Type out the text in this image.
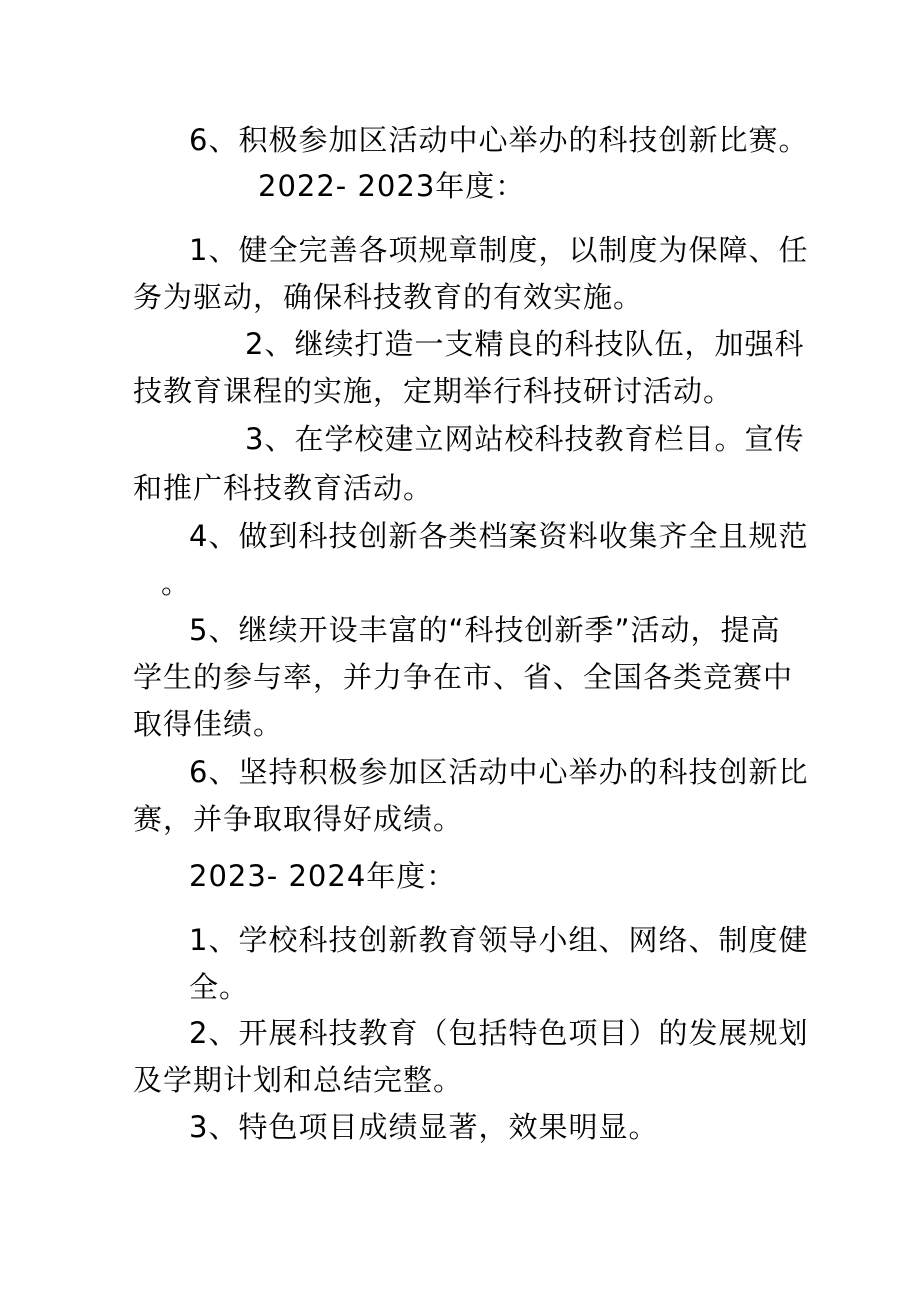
6、积极参加区活动中心举办的科技创新比赛。
2022- 2023年度：
1、健全完善各项规章制度，以制度为保障、任
务为驱动，确保科技教育的有效实施。
2、继续打造一支精良的科技队伍，加强科
技教育课程的实施，定期举行科技研讨活动。
3、在学校建立网站校科技教育栏目。宣传
和推广科技教育活动。
4、做到科技创新各类档案资料收集齐全且规范
。
5、继续开设丰富的“科技创新季”活动，提高
学生的参与率，并力争在市、省、全国各类竞赛中
取得佳绩。
6、坚持积极参加区活动中心举办的科技创新比
赛，并争取取得好成绩。
2023- 2024年度：
1、学校科技创新教育领导小组、网络、制度健
全。
2、开展科技教育（包括特色项目）的发展规划
及学期计划和总结完整。
3、特色项目成绩显著，效果明显。
